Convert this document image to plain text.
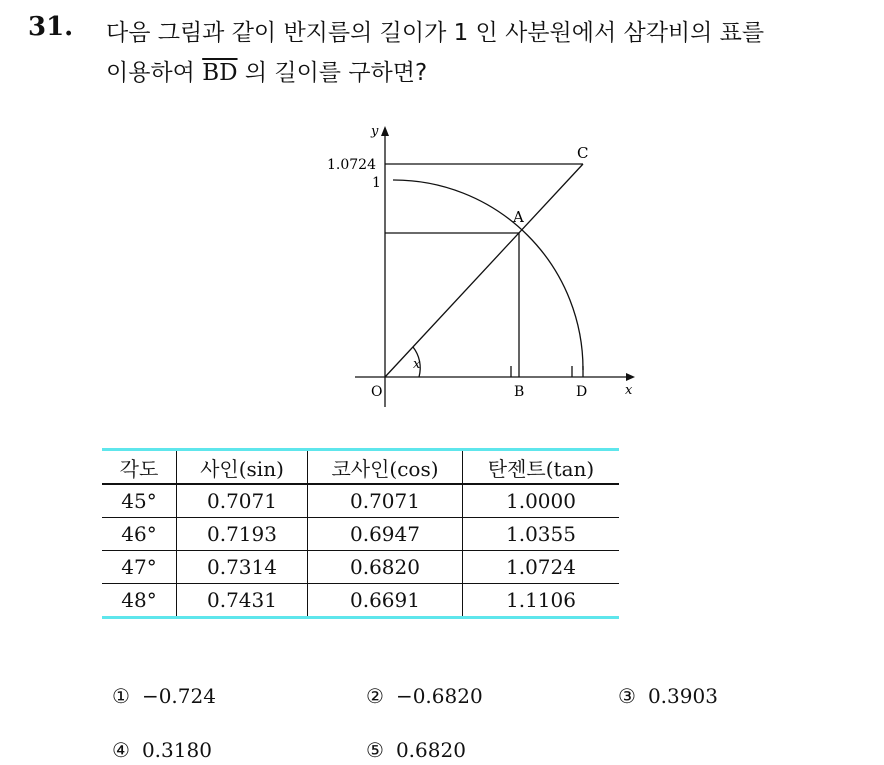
31. 다음 그림과 같이 반지름의 길이가 1 인 사분원에서 삼각비의 표를
이용하여 $\overline{BD}$ 의 길이를 구하면?
y
x
1.0724
1
O
x
A
B
C
D
각도	사인(sin)	코사인(cos)	탄젠트(tan)
45°	0.7071	0.7071	1.0000
46°	0.7193	0.6947	1.0355
47°	0.7314	0.6820	1.0724
48°	0.7431	0.6691	1.1106
① −0.724	② −0.6820	③ 0.3903
④ 0.3180	⑤ 0.6820
